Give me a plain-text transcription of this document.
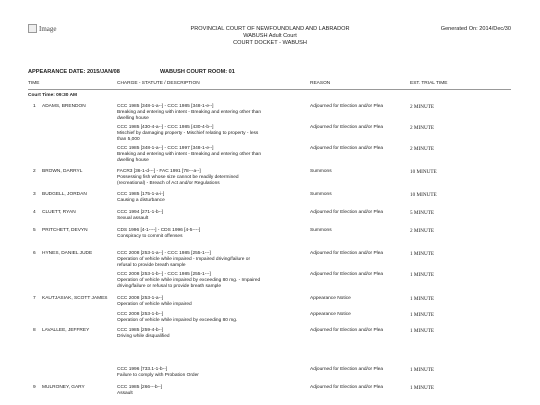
Image	PROVINCIAL COURT OF NEWFOUNDLAND AND LABRADOR
WABUSH Adult Court
COURT DOCKET - WABUSH
Generated On: 2014/Dec/30
APPEARANCE DATE: 2015/JAN/08	WABUSH COURT ROOM: 01
TIME	CHARGE - STATUTE / DESCRIPTION	REASON	EST. TRIAL TIME
Court Time: 09:30 AM
1 ADAMS, BRENDON	CCC 1985 [348-1-a--] - CCC 1985 [348-1-e--]
Breaking and entering with intent - Breaking and entering other than
dwelling house
Adjourned for Election and/or Plea	2 MINUTE
CCC 1985 [430-4-a--] - CCC 1985 [430-4-b--]
Mischief by damaging property - Mischief relating to property - less
than 5,000
Adjourned for Election and/or Plea	2 MINUTE
CCC 1985 [348-1-a--] - CCC 1997 [348-1-e--]
Breaking and entering with intent - Breaking and entering other than
dwelling house
Adjourned for Election and/or Plea	2 MINUTE
2 BROWN, DARRYL	FACR3 [36-1-d---] - FAC 1991 [78---a--]
Possessing fish whose size cannot be readily determined
(recreational) - Breach of Act and/or Regulations
Summons	10 MINUTE
3 BUDGELL, JORDAN	CCC 1985 [175-1-a-i-]
Causing a disturbance
Summons	10 MINUTE
4 CLUETT, RYAN	CCC 1994 [271-1-b--]
Sexual assault
Adjourned for Election and/or Plea	5 MINUTE
5 PRITCHETT, DEVYN	CDS 1996 [4-1----] - CDS 1996 [4-5----]
Conspiracy to commit offenses
Summons	2 MINUTE
6 HYNES, DANIEL JUDE	CCC 2008 [253-1-a--] - CCC 1985 [255-1---]
Operation of vehicle while impaired - Impaired driving/failure or
refusal to provide breath sample
Adjourned for Election and/or Plea	1 MINUTE
CCC 2008 [253-1-b--] - CCC 1985 [255-1---]
Operation of vehicle while impaired by exceeding 80 mg. - Impaired
driving/failure or refusal to provide breath sample
Adjourned for Election and/or Plea	1 MINUTE
7 KAUTJASIAK, SCOTT JAMES CCC 2008 [253-1-a--]
Operation of vehicle while impaired
Appearance Notice	1 MINUTE
CCC 2008 [253-1-b--]
Operation of vehicle while impaired by exceeding 80 mg.
Appearance Notice	1 MINUTE
8 LAVALLEE, JEFFREY	CCC 1985 [259-4-b--]
Driving while disqualified
Adjourned for Election and/or Plea	1 MINUTE
CCC 1996 [733.1-1-b--]
Failure to comply with Probation Order
Adjourned for Election and/or Plea	1 MINUTE
9 MULRONEY, GARY	CCC 1985 [266---b--]
Assault
Adjourned for Election and/or Plea	1 MINUTE
